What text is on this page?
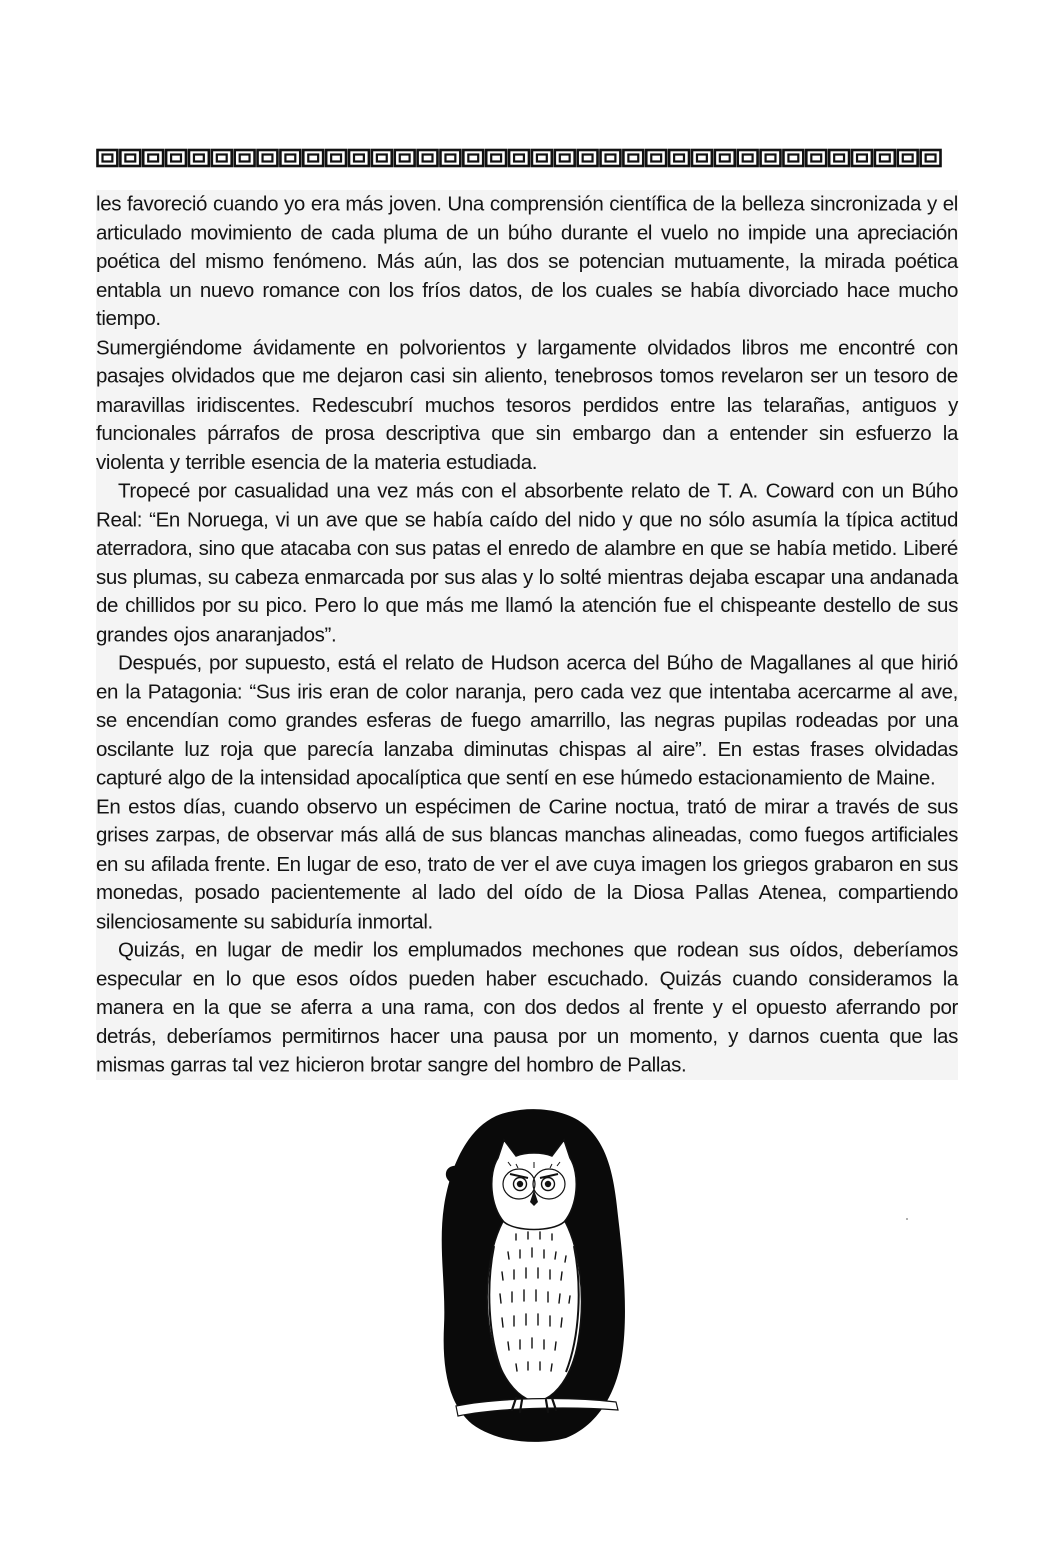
les favoreció cuando yo era más joven. Una comprensión científica de la belleza sincronizada y el articulado movimiento de cada pluma de un búho durante el vuelo no impide una apreciación poética del mismo fenómeno. Más aún, las dos se potencian mutuamente, la mirada poética entabla un nuevo romance con los fríos datos, de los cuales se había divorciado hace mucho tiempo.

Sumergiéndome ávidamente en polvorientos y largamente olvidados libros me encontré con pasajes olvidados que me dejaron casi sin aliento, tenebrosos tomos revelaron ser un tesoro de maravillas iridiscentes. Redescubrí muchos tesoros perdidos entre las telarañas, antiguos y funcionales párrafos de prosa descriptiva que sin embargo dan a entender sin esfuerzo la violenta y terrible esencia de la materia estudiada.

Tropecé por casualidad una vez más con el absorbente relato de T. A. Coward con un Búho Real: “En Noruega, vi un ave que se había caído del nido y que no sólo asumía la típica actitud aterradora, sino que atacaba con sus patas el enredo de alambre en que se había metido. Liberé sus plumas, su cabeza enmarcada por sus alas y lo solté mientras dejaba escapar una andanada de chillidos por su pico. Pero lo que más me llamó la atención fue el chispeante destello de sus grandes ojos anaranjados”.

Después, por supuesto, está el relato de Hudson acerca del Búho de Magallanes al que hirió en la Patagonia: “Sus iris eran de color naranja, pero cada vez que intentaba acercarme al ave, se encendían como grandes esferas de fuego amarrillo, las negras pupilas rodeadas por una oscilante luz roja que parecía lanzaba diminutas chispas al aire”. En estas frases olvidadas capturé algo de la intensidad apocalíptica que sentí en ese húmedo estacionamiento de Maine.

En estos días, cuando observo un espécimen de Carine noctua, trató de mirar a través de sus grises zarpas, de observar más allá de sus blancas manchas alineadas, como fuegos artificiales en su afilada frente. En lugar de eso, trato de ver el ave cuya imagen los griegos grabaron en sus monedas, posado pacientemente al lado del oído de la Diosa Pallas Atenea, compartiendo silenciosamente su sabiduría inmortal.

Quizás, en lugar de medir los emplumados mechones que rodean sus oídos, deberíamos especular en lo que esos oídos pueden haber escuchado. Quizás cuando consideramos la manera en la que se aferra a una rama, con dos dedos al frente y el opuesto aferrando por detrás, deberíamos permitirnos hacer una pausa por un momento, y darnos cuenta que las mismas garras tal vez hicieron brotar sangre del hombro de Pallas.
